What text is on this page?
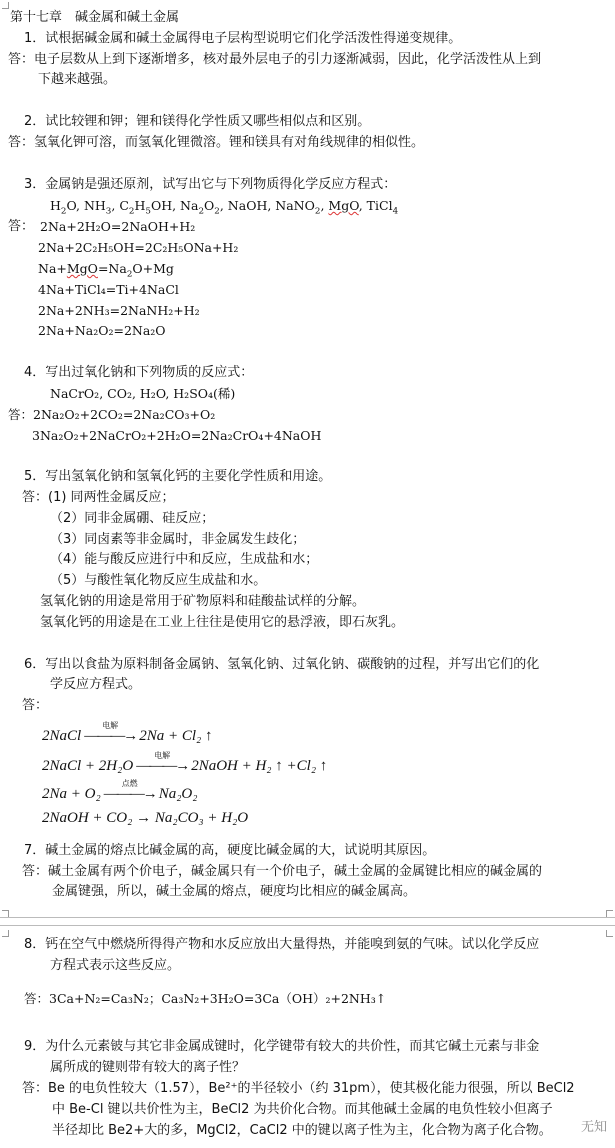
第十七章　碱金属和碱土金属
1．试根据碱金属和碱土金属得电子层构型说明它们化学活泼性得递变规律。
答：电子层数从上到下逐渐增多，核对最外层电子的引力逐渐减弱，因此，化学活泼性从上到
下越来越强。
2．试比较锂和钾；锂和镁得化学性质又哪些相似点和区别。
答：氢氧化钾可溶，而氢氧化锂微溶。锂和镁具有对角线规律的相似性。
3．金属钠是强还原剂，试写出它与下列物质得化学反应方程式：
$H_2O$, $NH_3$, $C_2H_5OH$, $Na_2O_2$, NaOH, NaNO$_2$, MgO, TiCl$_4$
答： 2Na+2H₂O=2NaOH+H₂
2Na+2C₂H₅OH=2C₂H₅ONa+H₂
$Na+MgO=Na_2O+Mg$
4Na+TiCl₄=Ti+4NaCl
2Na+2NH₃=2NaNH₂+H₂
2Na+Na₂O₂=2Na₂O
4．写出过氧化钠和下列物质的反应式：
NaCrO₂, CO₂, H₂O, H₂SO₄(稀)
答：2Na₂O₂+2CO₂=2Na₂CO₃+O₂
3Na₂O₂+2NaCrO₂+2H₂O=2Na₂CrO₄+4NaOH
5．写出氢氧化钠和氢氧化钙的主要化学性质和用途。
答：(1) 同两性金属反应；
（2）同非金属硼、硅反应；
（3）同卤素等非金属时，非金属发生歧化；
（4）能与酸反应进行中和反应，生成盐和水；
（5）与酸性氧化物反应生成盐和水。
氢氧化钠的用途是常用于矿物原料和硅酸盐试样的分解。
氢氧化钙的用途是在工业上往往是使用它的悬浮液，即石灰乳。
6．写出以食盐为原料制备金属钠、氢氧化钠、过氧化钠、碳酸钠的过程，并写出它们的化
学反应方程式。
答：
2NaCl
电解
———→ 2Na + Cl₂ ↑
2NaCl + 2H₂O
电解
———→ 2NaOH + H₂ ↑ +Cl₂ ↑
2Na + O₂
点燃
———→ Na₂O₂
2NaOH + CO₂ → Na₂CO₃ + H₂O
7．碱土金属的熔点比碱金属的高，硬度比碱金属的大，试说明其原因。
答：碱土金属有两个价电子，碱金属只有一个价电子，碱土金属的金属键比相应的碱金属的
金属键强，所以，碱土金属的熔点，硬度均比相应的碱金属高。
8．钙在空气中燃烧所得得产物和水反应放出大量得热，并能嗅到氨的气味。试以化学反应
方程式表示这些反应。
答：3Ca+N₂=Ca₃N₂；Ca₃N₂+3H₂O=3Ca（OH）₂+2NH₃↑
9．为什么元素铍与其它非金属成键时，化学键带有较大的共价性，而其它碱土元素与非金
属所成的键则带有较大的离子性？
答：Be 的电负性较大（1.57），Be²⁺的半径较小（约 31pm），使其极化能力很强，所以 BeCl2
中 Be-Cl 键以共价性为主，BeCl2 为共价化合物。而其他碱土金属的电负性较小但离子
半径却比 Be2+大的多，MgCl2，CaCl2 中的键以离子性为主，化合物为离子化合物。 无知
